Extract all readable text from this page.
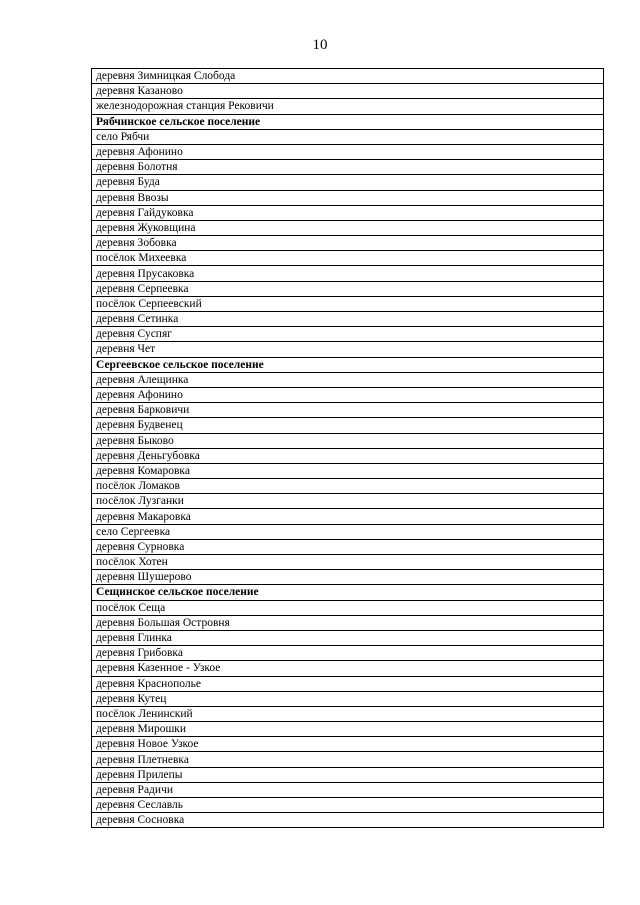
10
деревня Зимницкая Слобода
деревня Казаново
железнодорожная станция Рековичи
Рябчинское сельское поселение
село Рябчи
деревня Афонино
деревня Болотня
деревня Буда
деревня Ввозы
деревня Гайдуковка
деревня Жуковщина
деревня Зобовка
посёлок Михеевка
деревня Прусаковка
деревня Серпеевка
посёлок Серпеевский
деревня Сетинка
деревня Суспяг
деревня Чет
Сергеевское сельское поселение
деревня Алещинка
деревня Афонино
деревня Барковичи
деревня Будвенец
деревня Быково
деревня Деньгубовка
деревня Комаровка
посёлок Ломаков
посёлок Лузганки
деревня Макаровка
село Сергеевка
деревня Сурновка
посёлок Хотен
деревня Шушерово
Сещинское сельское поселение
посёлок Сеща
деревня Большая Островня
деревня Глинка
деревня Грибовка
деревня Казенное - Узкое
деревня Краснополье
деревня Кутец
посёлок Ленинский
деревня Мирошки
деревня Новое Узкое
деревня Плетневка
деревня Прилепы
деревня Радичи
деревня Сеславль
деревня Сосновка
